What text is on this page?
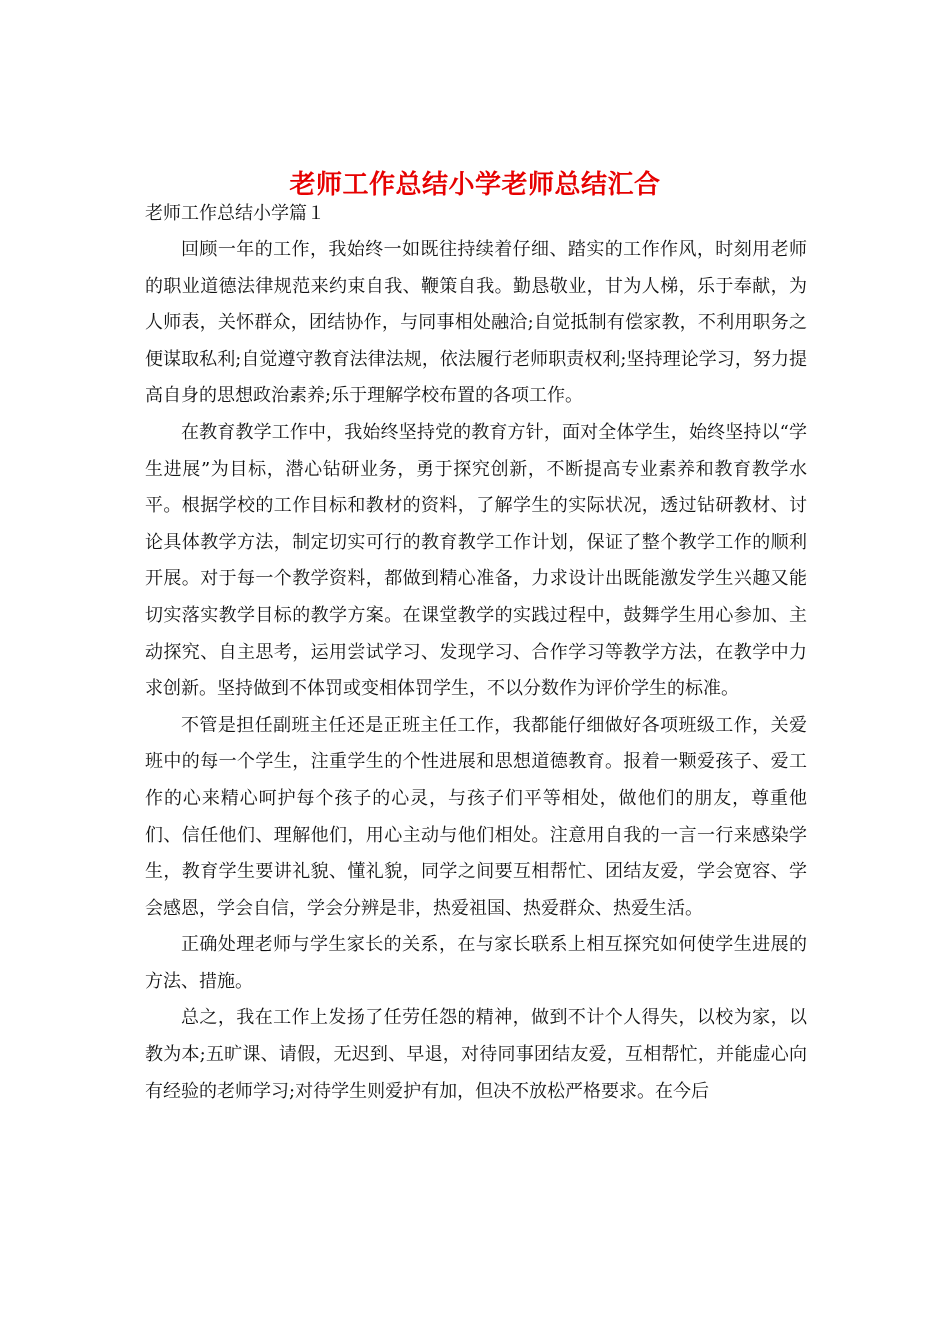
老师工作总结小学老师总结汇合

老师工作总结小学篇１

回顾一年的工作，我始终一如既往持续着仔细、踏实的工作作风，时刻用老师的职业道德法律规范来约束自我、鞭策自我。勤恳敬业，甘为人梯，乐于奉献，为人师表，关怀群众，团结协作，与同事相处融洽;自觉抵制有偿家教，不利用职务之便谋取私利;自觉遵守教育法律法规，依法履行老师职责权利;坚持理论学习，努力提高自身的思想政治素养;乐于理解学校布置的各项工作。

在教育教学工作中，我始终坚持党的教育方针，面对全体学生，始终坚持以“学生进展”为目标，潜心钻研业务，勇于探究创新，不断提高专业素养和教育教学水平。根据学校的工作目标和教材的资料，了解学生的实际状况，透过钻研教材、讨论具体教学方法，制定切实可行的教育教学工作计划，保证了整个教学工作的顺利开展。对于每一个教学资料，都做到精心准备，力求设计出既能激发学生兴趣又能切实落实教学目标的教学方案。在课堂教学的实践过程中，鼓舞学生用心参加、主动探究、自主思考，运用尝试学习、发现学习、合作学习等教学方法，在教学中力求创新。坚持做到不体罚或变相体罚学生，不以分数作为评价学生的标准。

不管是担任副班主任还是正班主任工作，我都能仔细做好各项班级工作，关爱班中的每一个学生，注重学生的个性进展和思想道德教育。报着一颗爱孩子、爱工作的心来精心呵护每个孩子的心灵，与孩子们平等相处，做他们的朋友，尊重他们、信任他们、理解他们，用心主动与他们相处。注意用自我的一言一行来感染学生，教育学生要讲礼貌、懂礼貌，同学之间要互相帮忙、团结友爱，学会宽容、学会感恩，学会自信，学会分辨是非，热爱祖国、热爱群众、热爱生活。

正确处理老师与学生家长的关系，在与家长联系上相互探究如何使学生进展的方法、措施。

总之，我在工作上发扬了任劳任怨的精神，做到不计个人得失，以校为家，以教为本;五旷课、请假，无迟到、早退，对待同事团结友爱，互相帮忙，并能虚心向有经验的老师学习;对待学生则爱护有加，但决不放松严格要求。在今后
